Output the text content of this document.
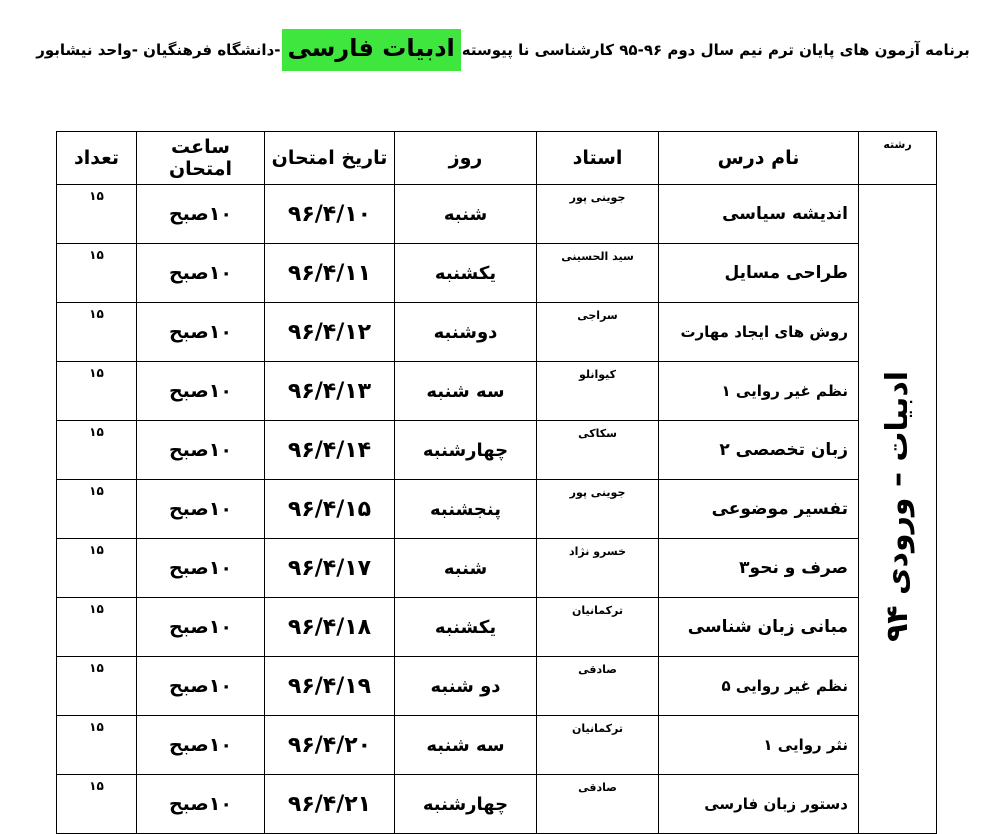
برنامه آزمون های پایان ترم نیم سال دوم ۹۶-۹۵ کارشناسی نا پیوسته
ادبیات فارسی
-دانشگاه فرهنگیان -واحد نیشابور
رشته	نام درس	استاد	روز	تاریخ امتحان	ساعت امتحان	تعداد
ادبیات – ورودی ۹۴	اندیشه سیاسی	جوینی پور	شنبه	۹۶/۴/۱۰	۱۰صبح	۱۵
	طراحی مسایل	سید الحسینی	یکشنبه	۹۶/۴/۱۱	۱۰صبح	۱۵
	روش های ایجاد مهارت	سراجی	دوشنبه	۹۶/۴/۱۲	۱۰صبح	۱۵
	نظم غیر روایی ۱	کیوانلو	سه شنبه	۹۶/۴/۱۳	۱۰صبح	۱۵
	زبان تخصصی ۲	سکاکی	چهارشنبه	۹۶/۴/۱۴	۱۰صبح	۱۵
	تفسیر موضوعی	جوینی پور	پنجشنبه	۹۶/۴/۱۵	۱۰صبح	۱۵
	صرف و نحو۳	خسرو نژاد	شنبه	۹۶/۴/۱۷	۱۰صبح	۱۵
	مبانی زبان شناسی	ترکمانیان	یکشنبه	۹۶/۴/۱۸	۱۰صبح	۱۵
	نظم غیر روایی ۵	صادقی	دو شنبه	۹۶/۴/۱۹	۱۰صبح	۱۵
	نثر روایی ۱	ترکمانیان	سه شنبه	۹۶/۴/۲۰	۱۰صبح	۱۵
	دستور زبان فارسی	صادقی	چهارشنبه	۹۶/۴/۲۱	۱۰صبح	۱۵
